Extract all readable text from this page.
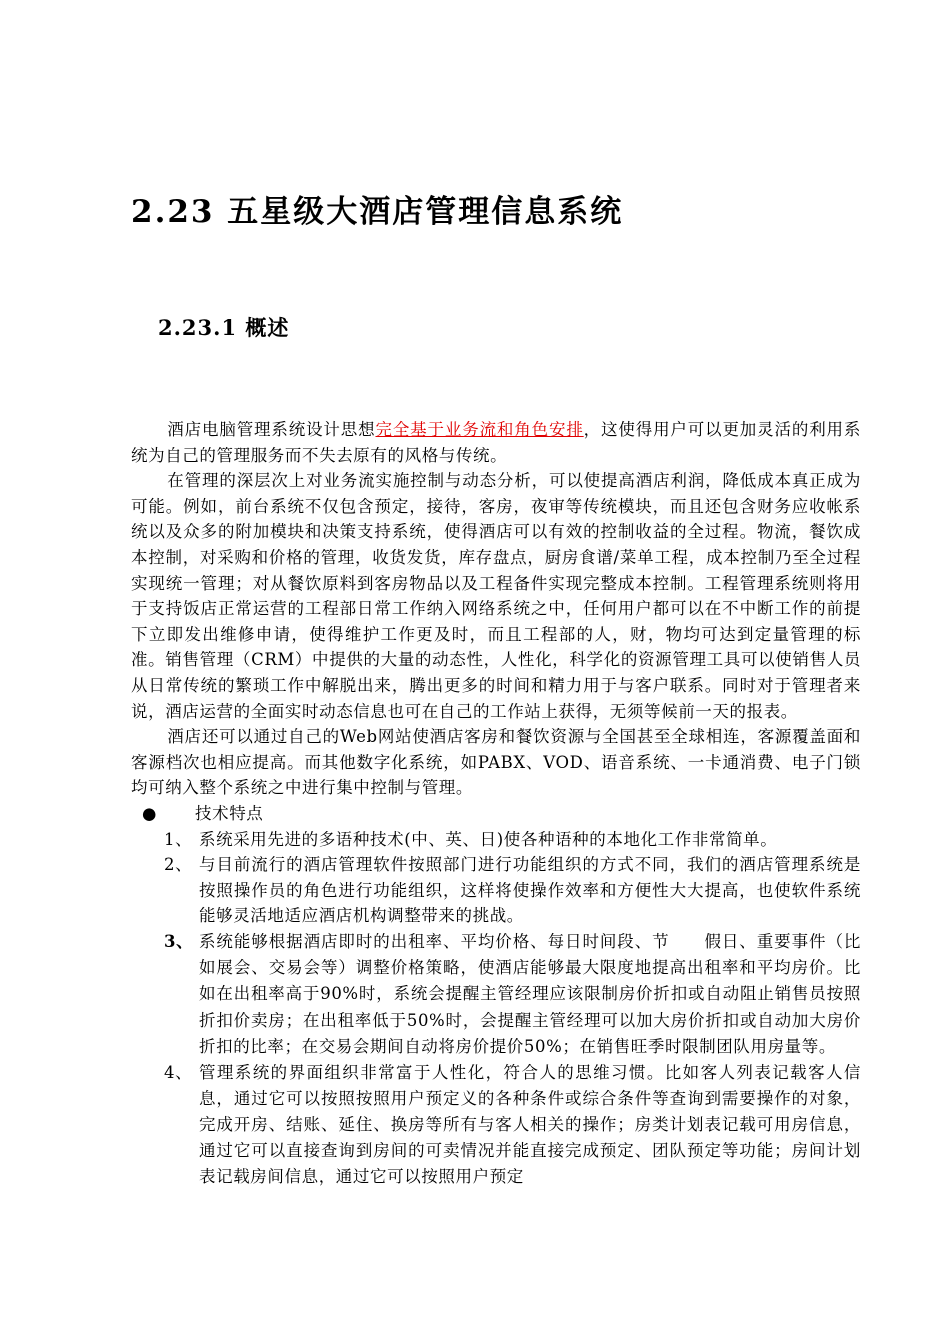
2.23 五星级大酒店管理信息系统
2.23.1 概述

酒店电脑管理系统设计思想完全基于业务流和角色安排，这使得用户可以更加灵活的利用系统为自己的管理服务而不失去原有的风格与传统。

在管理的深层次上对业务流实施控制与动态分析，可以使提高酒店利润，降低成本真正成为可能。例如，前台系统不仅包含预定，接待，客房，夜审等传统模块，而且还包含财务应收帐系统以及众多的附加模块和决策支持系统，使得酒店可以有效的控制收益的全过程。物流，餐饮成本控制，对采购和价格的管理，收货发货，库存盘点，厨房食谱/菜单工程，成本控制乃至全过程实现统一管理；对从餐饮原料到客房物品以及工程备件实现完整成本控制。工程管理系统则将用于支持饭店正常运营的工程部日常工作纳入网络系统之中，任何用户都可以在不中断工作的前提下立即发出维修申请，使得维护工作更及时，而且工程部的人，财，物均可达到定量管理的标准。销售管理（CRM）中提供的大量的动态性，人性化，科学化的资源管理工具可以使销售人员从日常传统的繁琐工作中解脱出来，腾出更多的时间和精力用于与客户联系。同时对于管理者来说，酒店运营的全面实时动态信息也可在自己的工作站上获得，无须等候前一天的报表。

酒店还可以通过自己的Web网站使酒店客房和餐饮资源与全国甚至全球相连，客源覆盖面和客源档次也相应提高。而其他数字化系统，如PABX、VOD、语音系统、一卡通消费、电子门锁均可纳入整个系统之中进行集中控制与管理。

● 技术特点
1、 系统采用先进的多语种技术(中、英、日)使各种语种的本地化工作非常简单。
2、 与目前流行的酒店管理软件按照部门进行功能组织的方式不同，我们的酒店管理系统是按照操作员的角色进行功能组织，这样将使操作效率和方便性大大提高，也使软件系统能够灵活地适应酒店机构调整带来的挑战。
3、 系统能够根据酒店即时的出租率、平均价格、每日时间段、节　　假日、重要事件（比如展会、交易会等）调整价格策略，使酒店能够最大限度地提高出租率和平均房价。比如在出租率高于90%时，系统会提醒主管经理应该限制房价折扣或自动阻止销售员按照折扣价卖房；在出租率低于50%时，会提醒主管经理可以加大房价折扣或自动加大房价折扣的比率；在交易会期间自动将房价提价50%；在销售旺季时限制团队用房量等。
4、 管理系统的界面组织非常富于人性化，符合人的思维习惯。比如客人列表记载客人信息，通过它可以按照按照用户预定义的各种条件或综合条件等查询到需要操作的对象，完成开房、结账、延住、换房等所有与客人相关的操作；房类计划表记载可用房信息，通过它可以直接查询到房间的可卖情况并能直接完成预定、团队预定等功能；房间计划表记载房间信息，通过它可以按照用户预定
